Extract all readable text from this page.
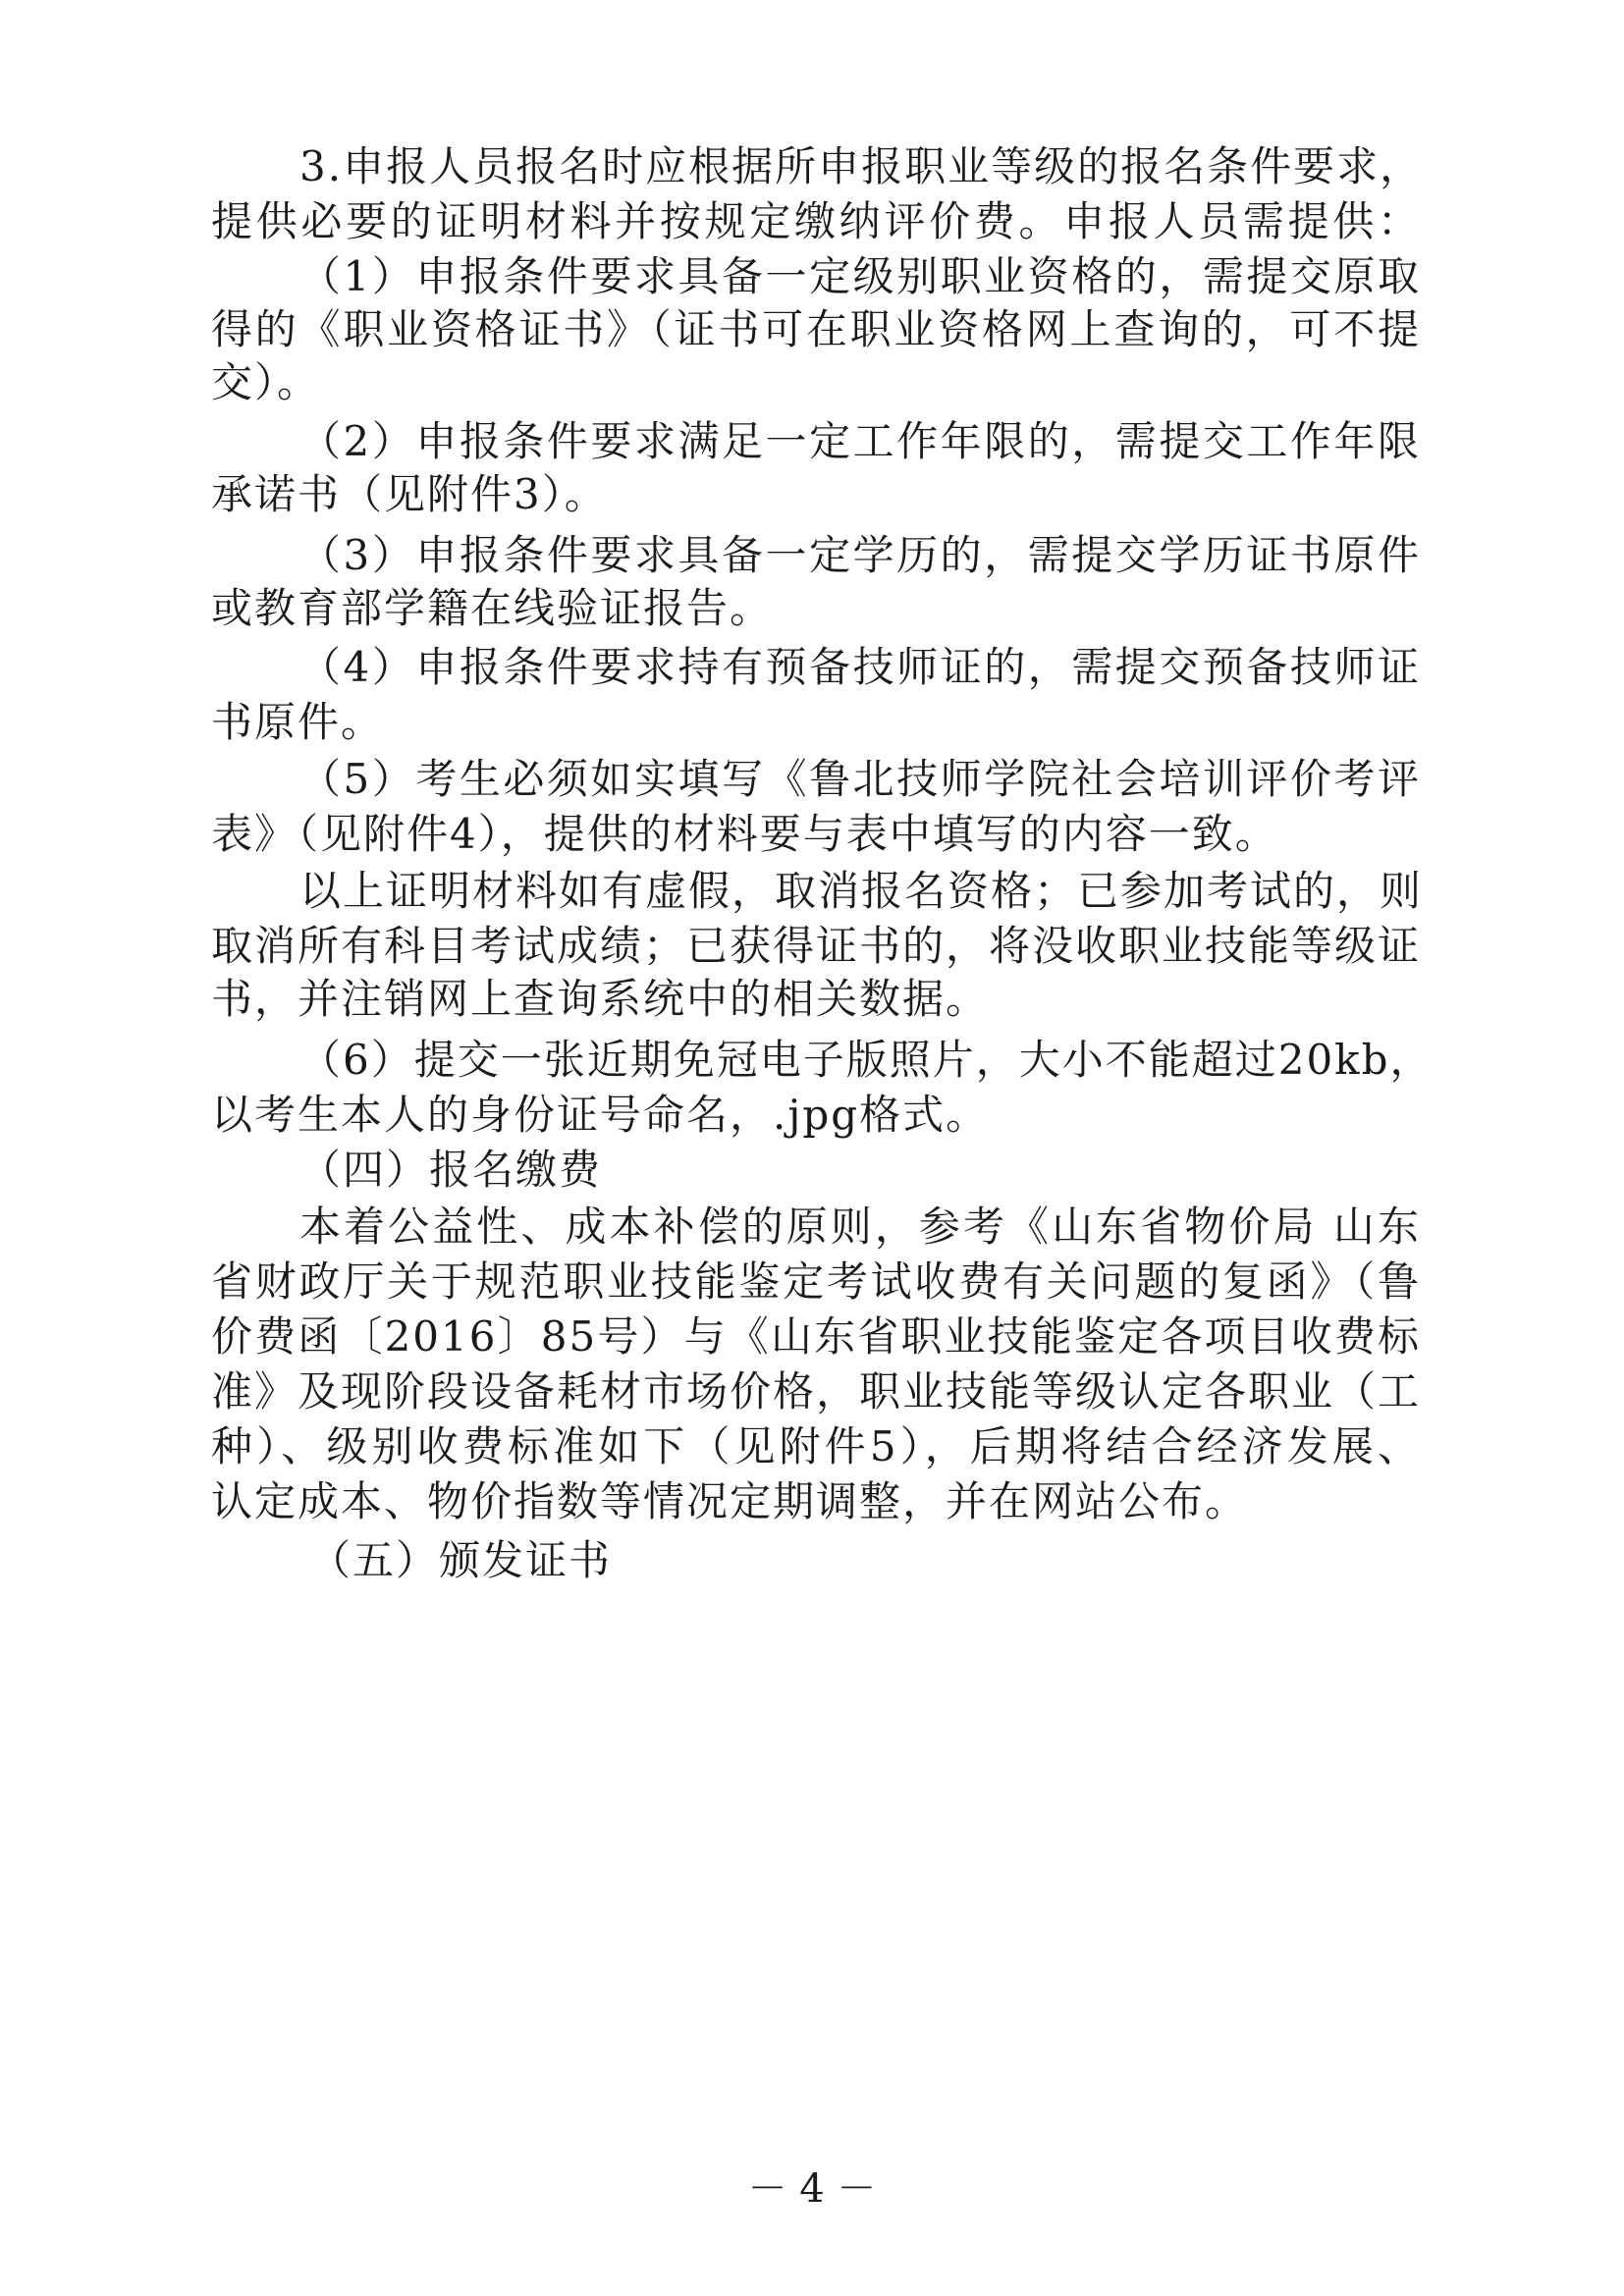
3.申报人员报名时应根据所申报职业等级的报名条件要求，
提供必要的证明材料并按规定缴纳评价费。申报人员需提供：
（1）申报条件要求具备一定级别职业资格的，需提交原取
得的《职业资格证书》（证书可在职业资格网上查询的，可不提
交）。
（2）申报条件要求满足一定工作年限的，需提交工作年限
承诺书（见附件3）。
（3）申报条件要求具备一定学历的，需提交学历证书原件
或教育部学籍在线验证报告。
（4）申报条件要求持有预备技师证的，需提交预备技师证
书原件。
（5）考生必须如实填写《鲁北技师学院社会培训评价考评
表》（见附件4），提供的材料要与表中填写的内容一致。
以上证明材料如有虚假，取消报名资格；已参加考试的，则
取消所有科目考试成绩；已获得证书的，将没收职业技能等级证
书，并注销网上查询系统中的相关数据。
（6）提交一张近期免冠电子版照片，大小不能超过20kb，
以考生本人的身份证号命名，.jpg格式。
（四）报名缴费
本着公益性、成本补偿的原则，参考《山东省物价局 山东
省财政厅关于规范职业技能鉴定考试收费有关问题的复函》（鲁
价费函〔2016〕85号）与《山东省职业技能鉴定各项目收费标
准》及现阶段设备耗材市场价格，职业技能等级认定各职业（工
种）、级别收费标准如下（见附件5），后期将结合经济发展、
认定成本、物价指数等情况定期调整，并在网站公布。
（五）颁发证书
－ 4 －
